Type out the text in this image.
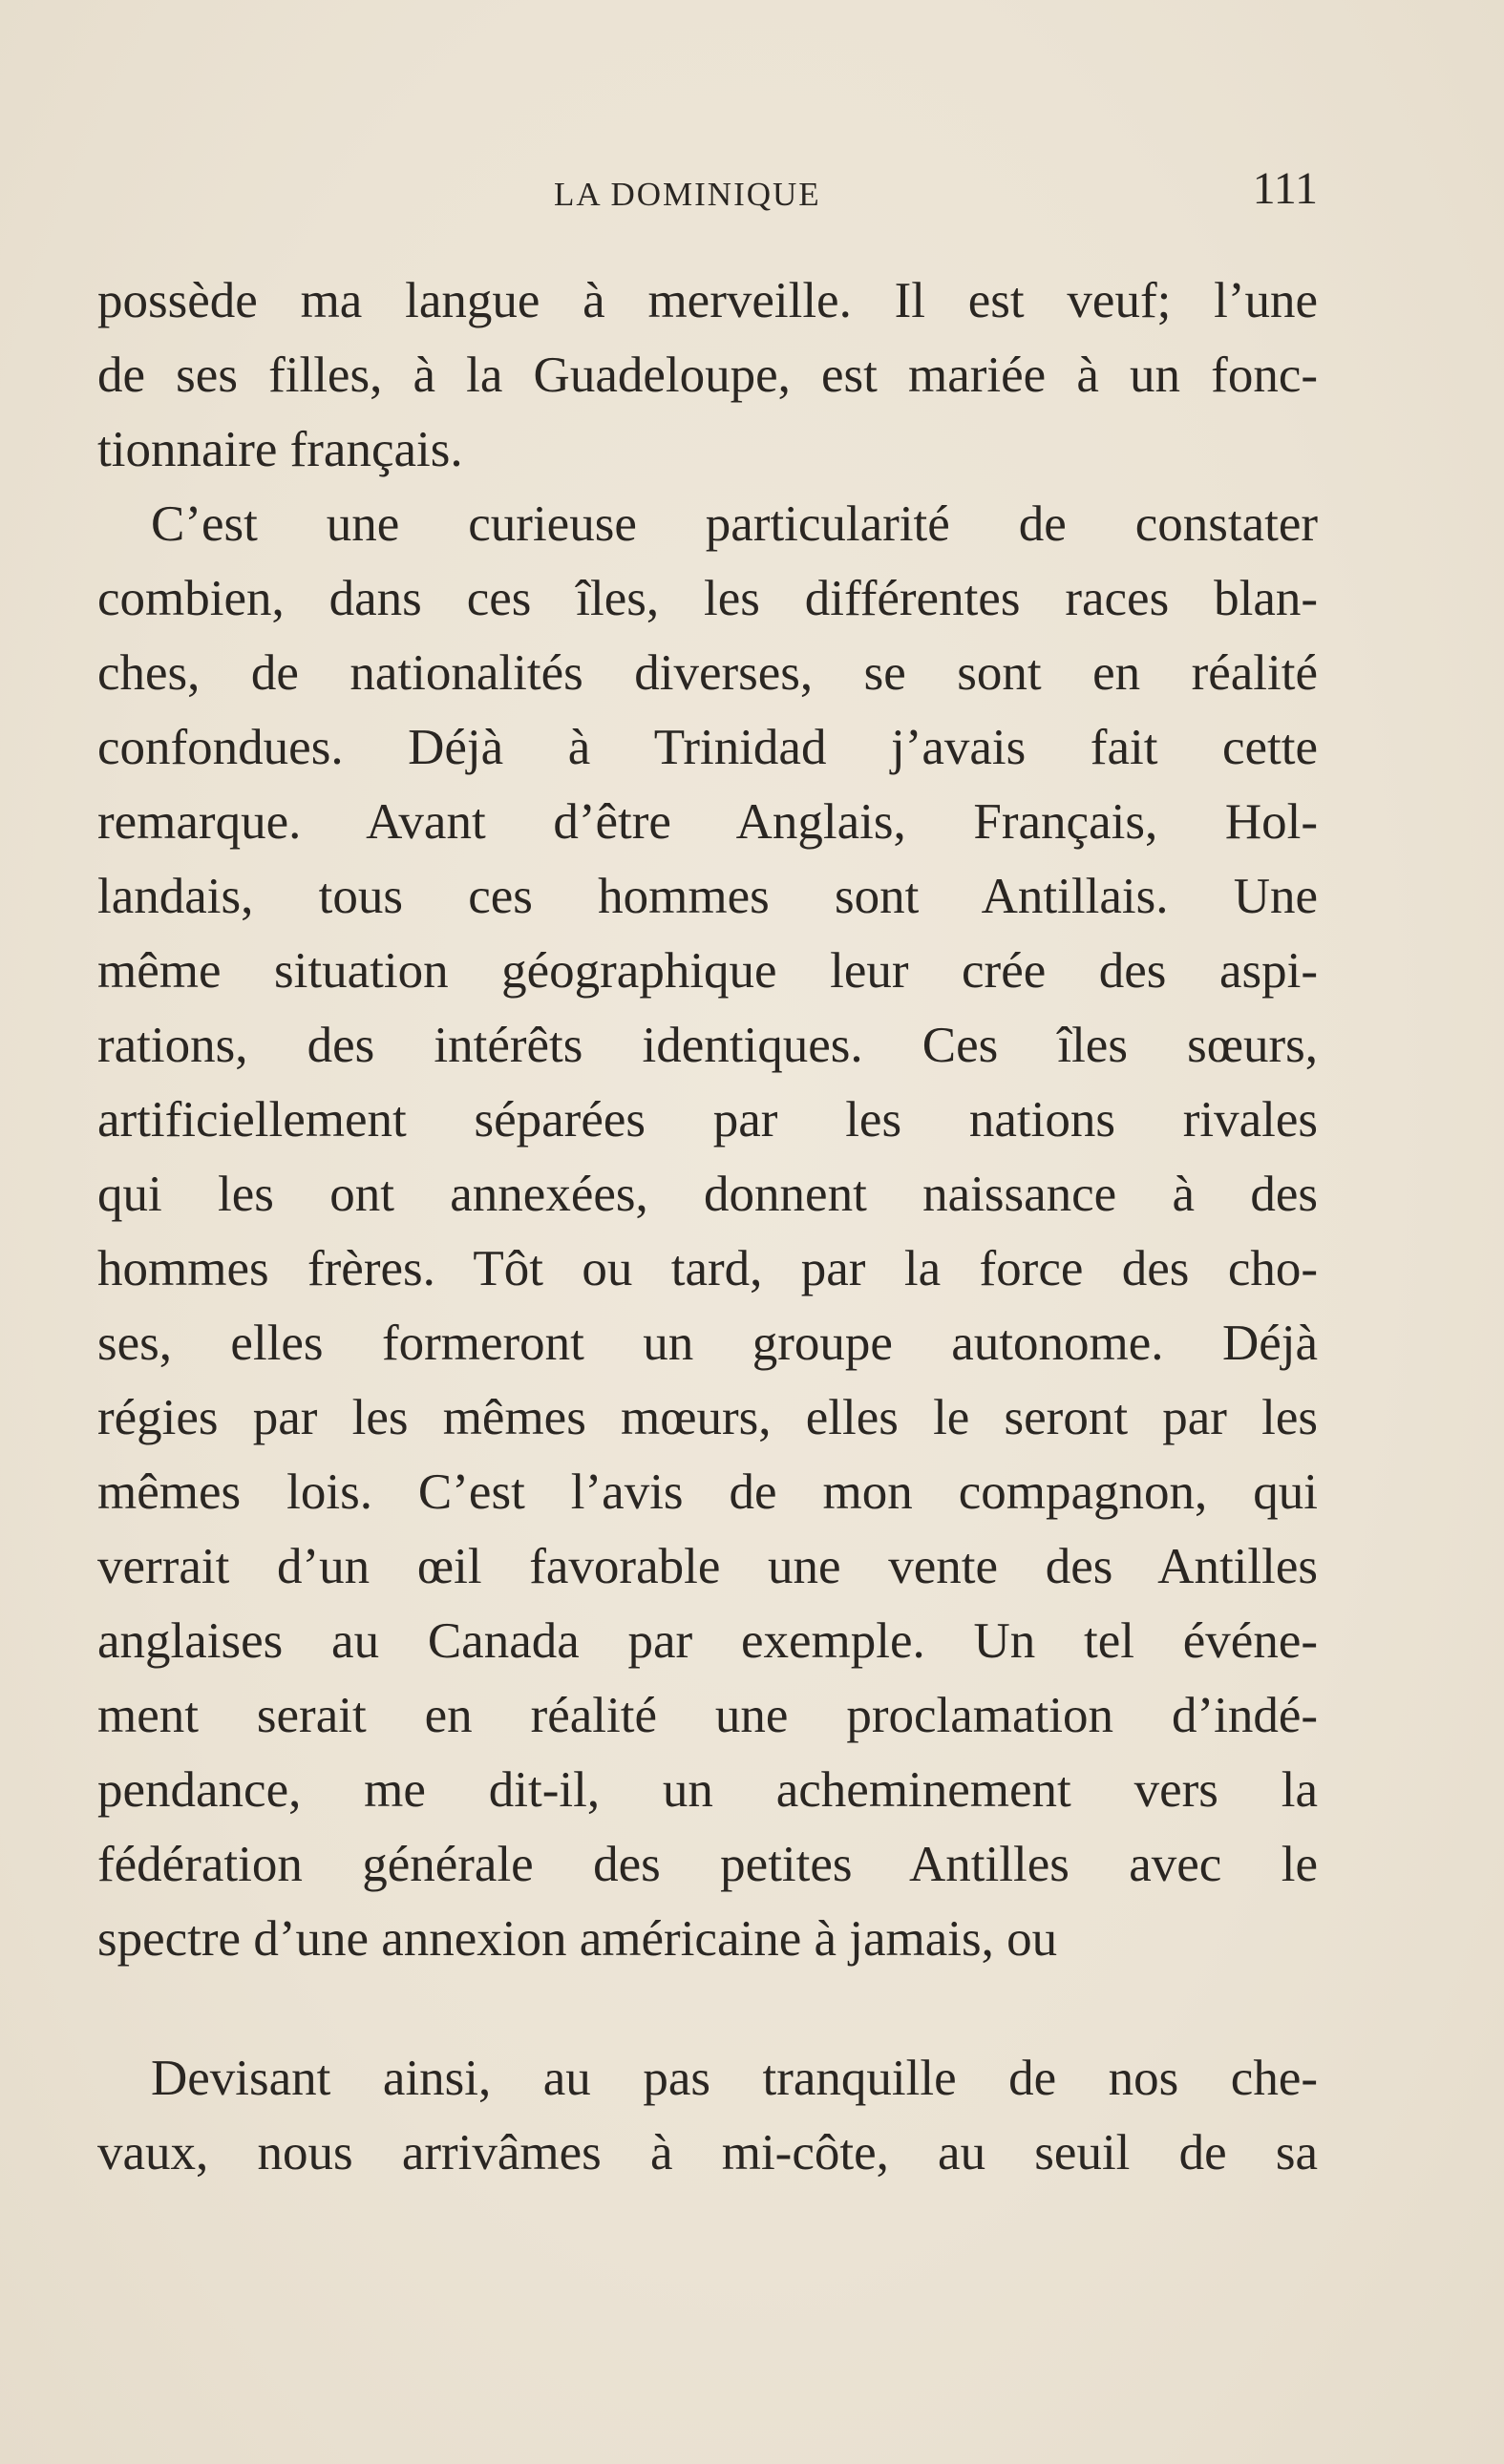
LA DOMINIQUE	111
possède ma langue à merveille. Il est veuf; l’une
de ses filles, à la Guadeloupe, est mariée à un fonc-
tionnaire français.
C’est une curieuse particularité de constater
combien, dans ces îles, les différentes races blan-
ches, de nationalités diverses, se sont en réalité
confondues. Déjà à Trinidad j’avais fait cette
remarque. Avant d’être Anglais, Français, Hol-
landais, tous ces hommes sont Antillais. Une
même situation géographique leur crée des aspi-
rations, des intérêts identiques. Ces îles sœurs,
artificiellement séparées par les nations rivales
qui les ont annexées, donnent naissance à des
hommes frères. Tôt ou tard, par la force des cho-
ses, elles formeront un groupe autonome. Déjà
régies par les mêmes mœurs, elles le seront par les
mêmes lois. C’est l’avis de mon compagnon, qui
verrait d’un œil favorable une vente des Antilles
anglaises au Canada par exemple. Un tel événe-
ment serait en réalité une proclamation d’indé-
pendance, me dit-il, un acheminement vers la
fédération générale des petites Antilles avec le
spectre d’une annexion américaine à jamais, ou
Devisant ainsi, au pas tranquille de nos che-
vaux, nous arrivâmes à mi-côte, au seuil de sa
